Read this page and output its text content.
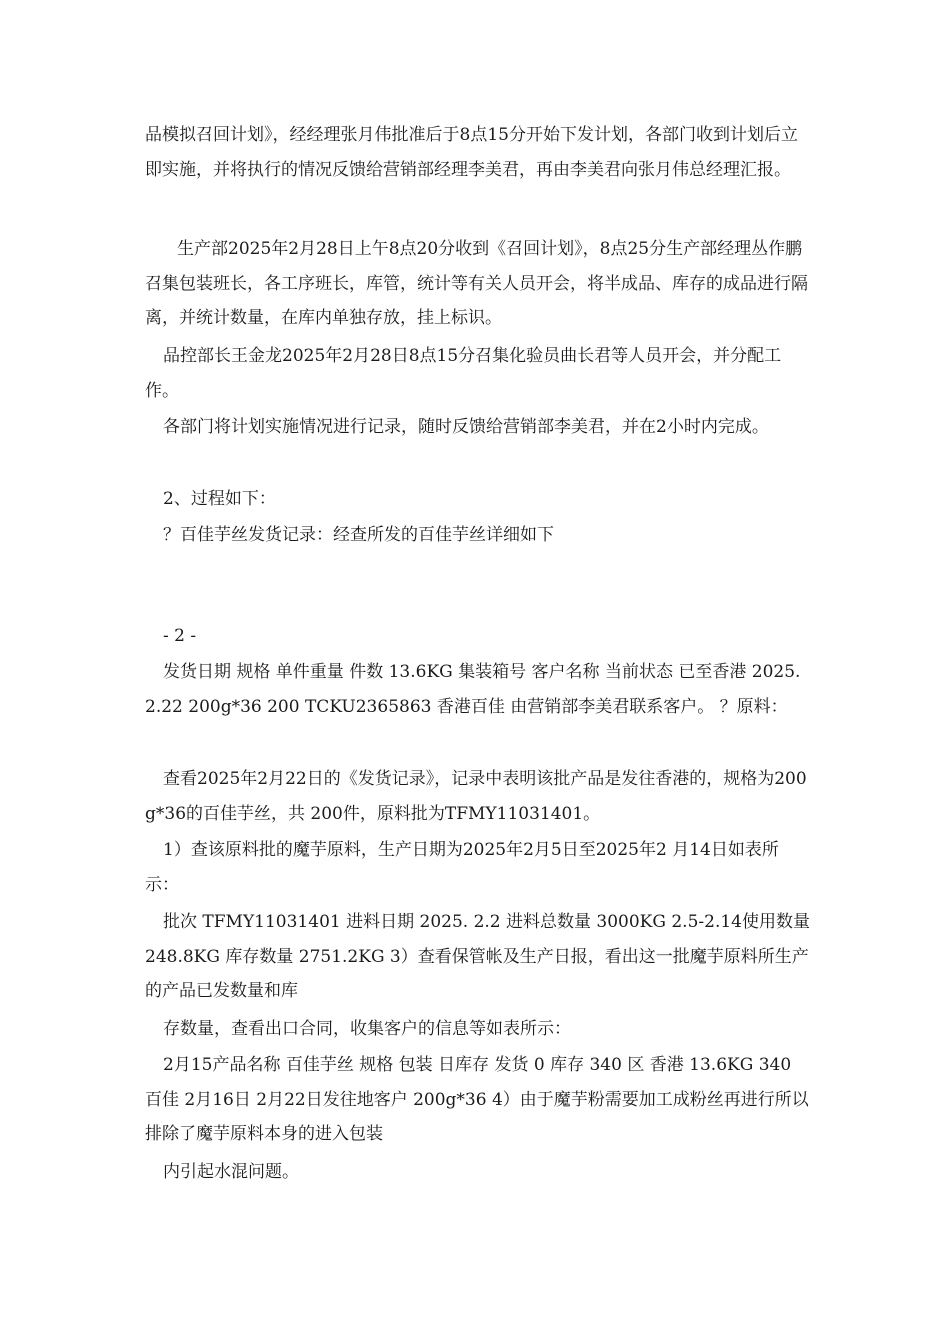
品模拟召回计划》，经经理张月伟批准后于8点15分开始下发计划，各部门收到计划后立即实施，并将执行的情况反馈给营销部经理李美君，再由李美君向张月伟总经理汇报。

生产部2025年2月28日上午8点20分收到《召回计划》，8点25分生产部经理丛作鹏召集包装班长，各工序班长，库管，统计等有关人员开会，将半成品、库存的成品进行隔离，并统计数量，在库内单独存放，挂上标识。

品控部长王金龙2025年2月28日8点15分召集化验员曲长君等人员开会，并分配工作。

各部门将计划实施情况进行记录，随时反馈给营销部李美君，并在2小时内完成。

2、过程如下：

？百佳芋丝发货记录：经查所发的百佳芋丝详细如下

- 2 -

发货日期 规格 单件重量 件数 13.6KG 集装箱号 客户名称 当前状态 已至香港 2025.2.22 200g*36 200 TCKU2365863 香港百佳 由营销部李美君联系客户。 ？原料：

查看2025年2月22日的《发货记录》，记录中表明该批产品是发往香港的，规格为200g*36的百佳芋丝，共 200件，原料批为TFMY11031401。

1）查该原料批的魔芋原料，生产日期为2025年2月5日至2025年2 月14日如表所示：

批次 TFMY11031401 进料日期 2025. 2.2 进料总数量 3000KG 2.5-2.14使用数量 248.8KG 库存数量 2751.2KG 3）查看保管帐及生产日报，看出这一批魔芋原料所生产的产品已发数量和库

存数量，查看出口合同，收集客户的信息等如表所示：

2月15产品名称 百佳芋丝 规格 包装 日库存 发货 0 库存 340 区 香港 13.6KG 340 百佳 2月16日 2月22日发往地客户 200g*36 4）由于魔芋粉需要加工成粉丝再进行所以排除了魔芋原料本身的进入包装

内引起水混问题。
